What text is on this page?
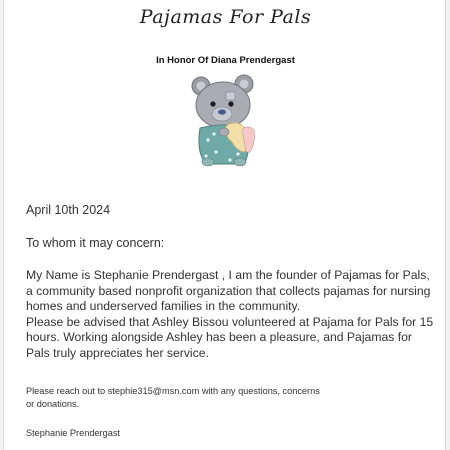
Pajamas For Pals
In Honor Of Diana Prendergast
April 10th 2024
To whom it may concern:

My Name is Stephanie Prendergast , I am the founder of Pajamas for Pals, a community based nonprofit organization that collects pajamas for nursing homes and underserved families in the community.

Please be advised that Ashley Bissou volunteered at Pajama for Pals for 15 hours. Working alongside Ashley has been a pleasure, and Pajamas for Pals truly appreciates her service.

Please reach out to stephie315@msn.com with any questions, concerns or donations.
Stephanie Prendergast
